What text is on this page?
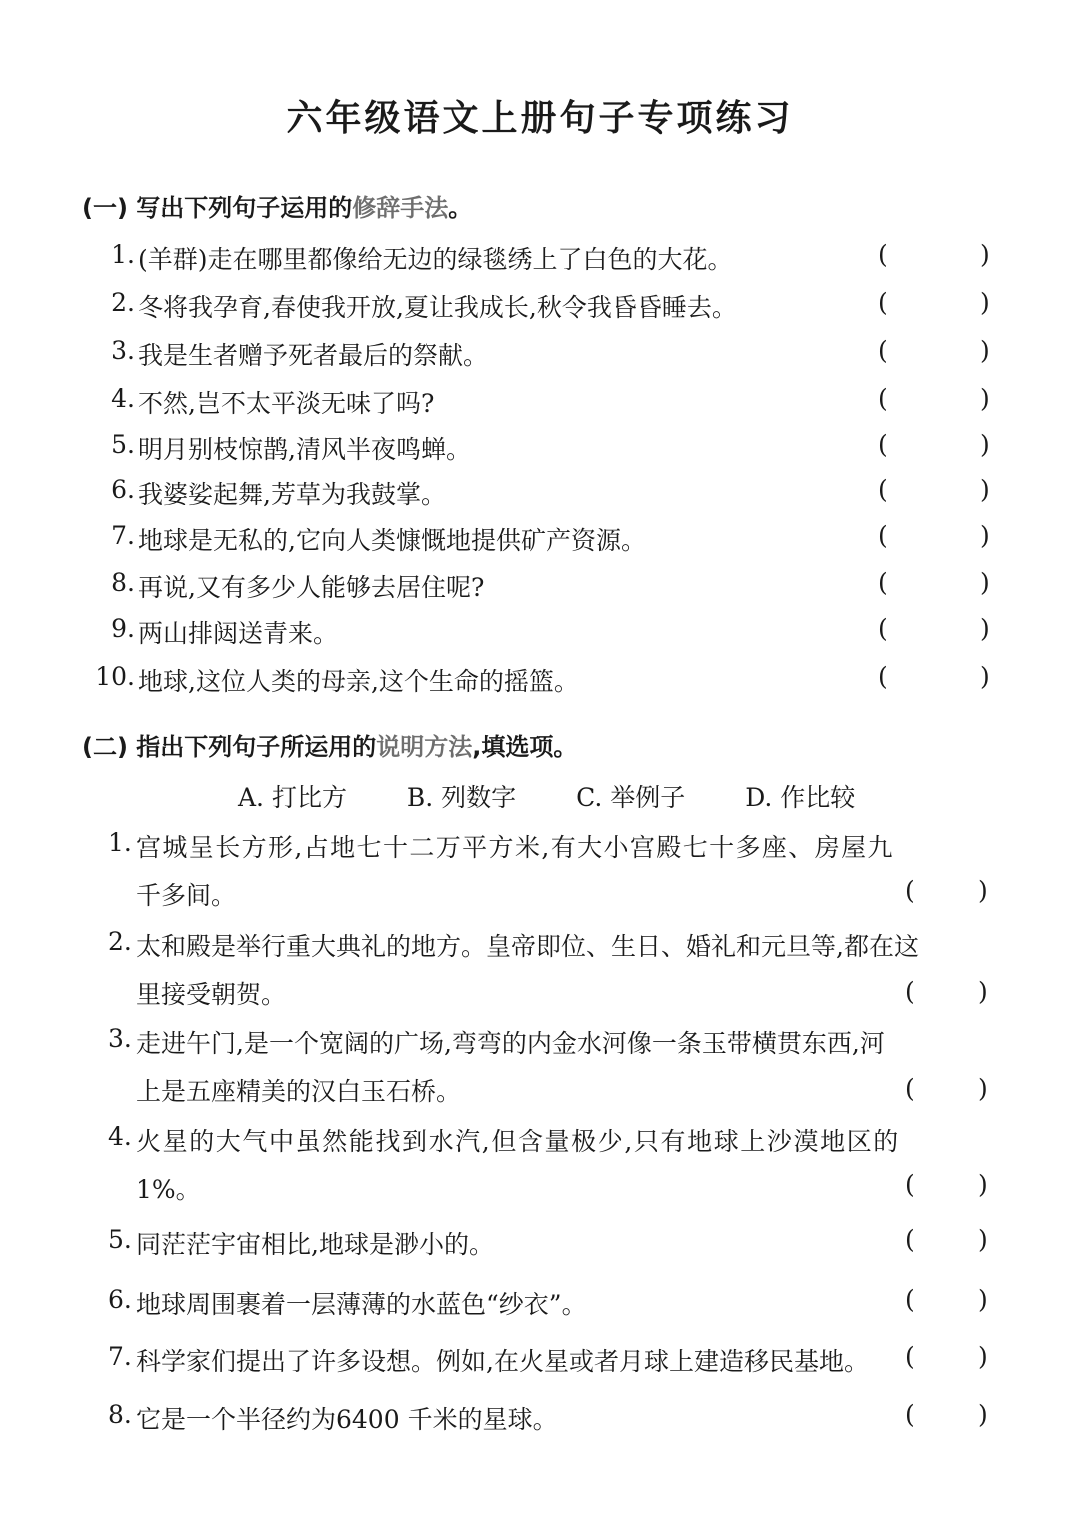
六年级语文上册句子专项练习
(一) 写出下列句子运用的修辞手法。
1. (羊群)走在哪里都像给无边的绿毯绣上了白色的大花。	(	)
2. 冬将我孕育,春使我开放,夏让我成长,秋令我昏昏睡去。	(	)
3. 我是生者赠予死者最后的祭献。	(	)
4. 不然,岂不太平淡无味了吗?	(	)
5. 明月别枝惊鹊,清风半夜鸣蝉。	(	)
6. 我婆娑起舞,芳草为我鼓掌。	(	)
7. 地球是无私的,它向人类慷慨地提供矿产资源。	(	)
8. 再说,又有多少人能够去居住呢?	(	)
9. 两山排闼送青来。	(	)
10. 地球,这位人类的母亲,这个生命的摇篮。	(	)
(二) 指出下列句子所运用的说明方法,填选项。
A. 打比方 B. 列数字 C. 举例子 D. 作比较
1. 宫城呈长方形,占地七十二万平方米,有大小宫殿七十多座、房屋九
千多间。	(	)
2. 太和殿是举行重大典礼的地方。皇帝即位、生日、婚礼和元旦等,都在这
里接受朝贺。	(	)
3. 走进午门,是一个宽阔的广场,弯弯的内金水河像一条玉带横贯东西,河
上是五座精美的汉白玉石桥。	(	)
4. 火星的大气中虽然能找到水汽,但含量极少,只有地球上沙漠地区的
1%。	(	)
5. 同茫茫宇宙相比,地球是渺小的。	(	)
6. 地球周围裹着一层薄薄的水蓝色“纱衣”。	(	)
7. 科学家们提出了许多设想。例如,在火星或者月球上建造移民基地。 (	)
8. 它是一个半径约为6400 千米的星球。	(	)
